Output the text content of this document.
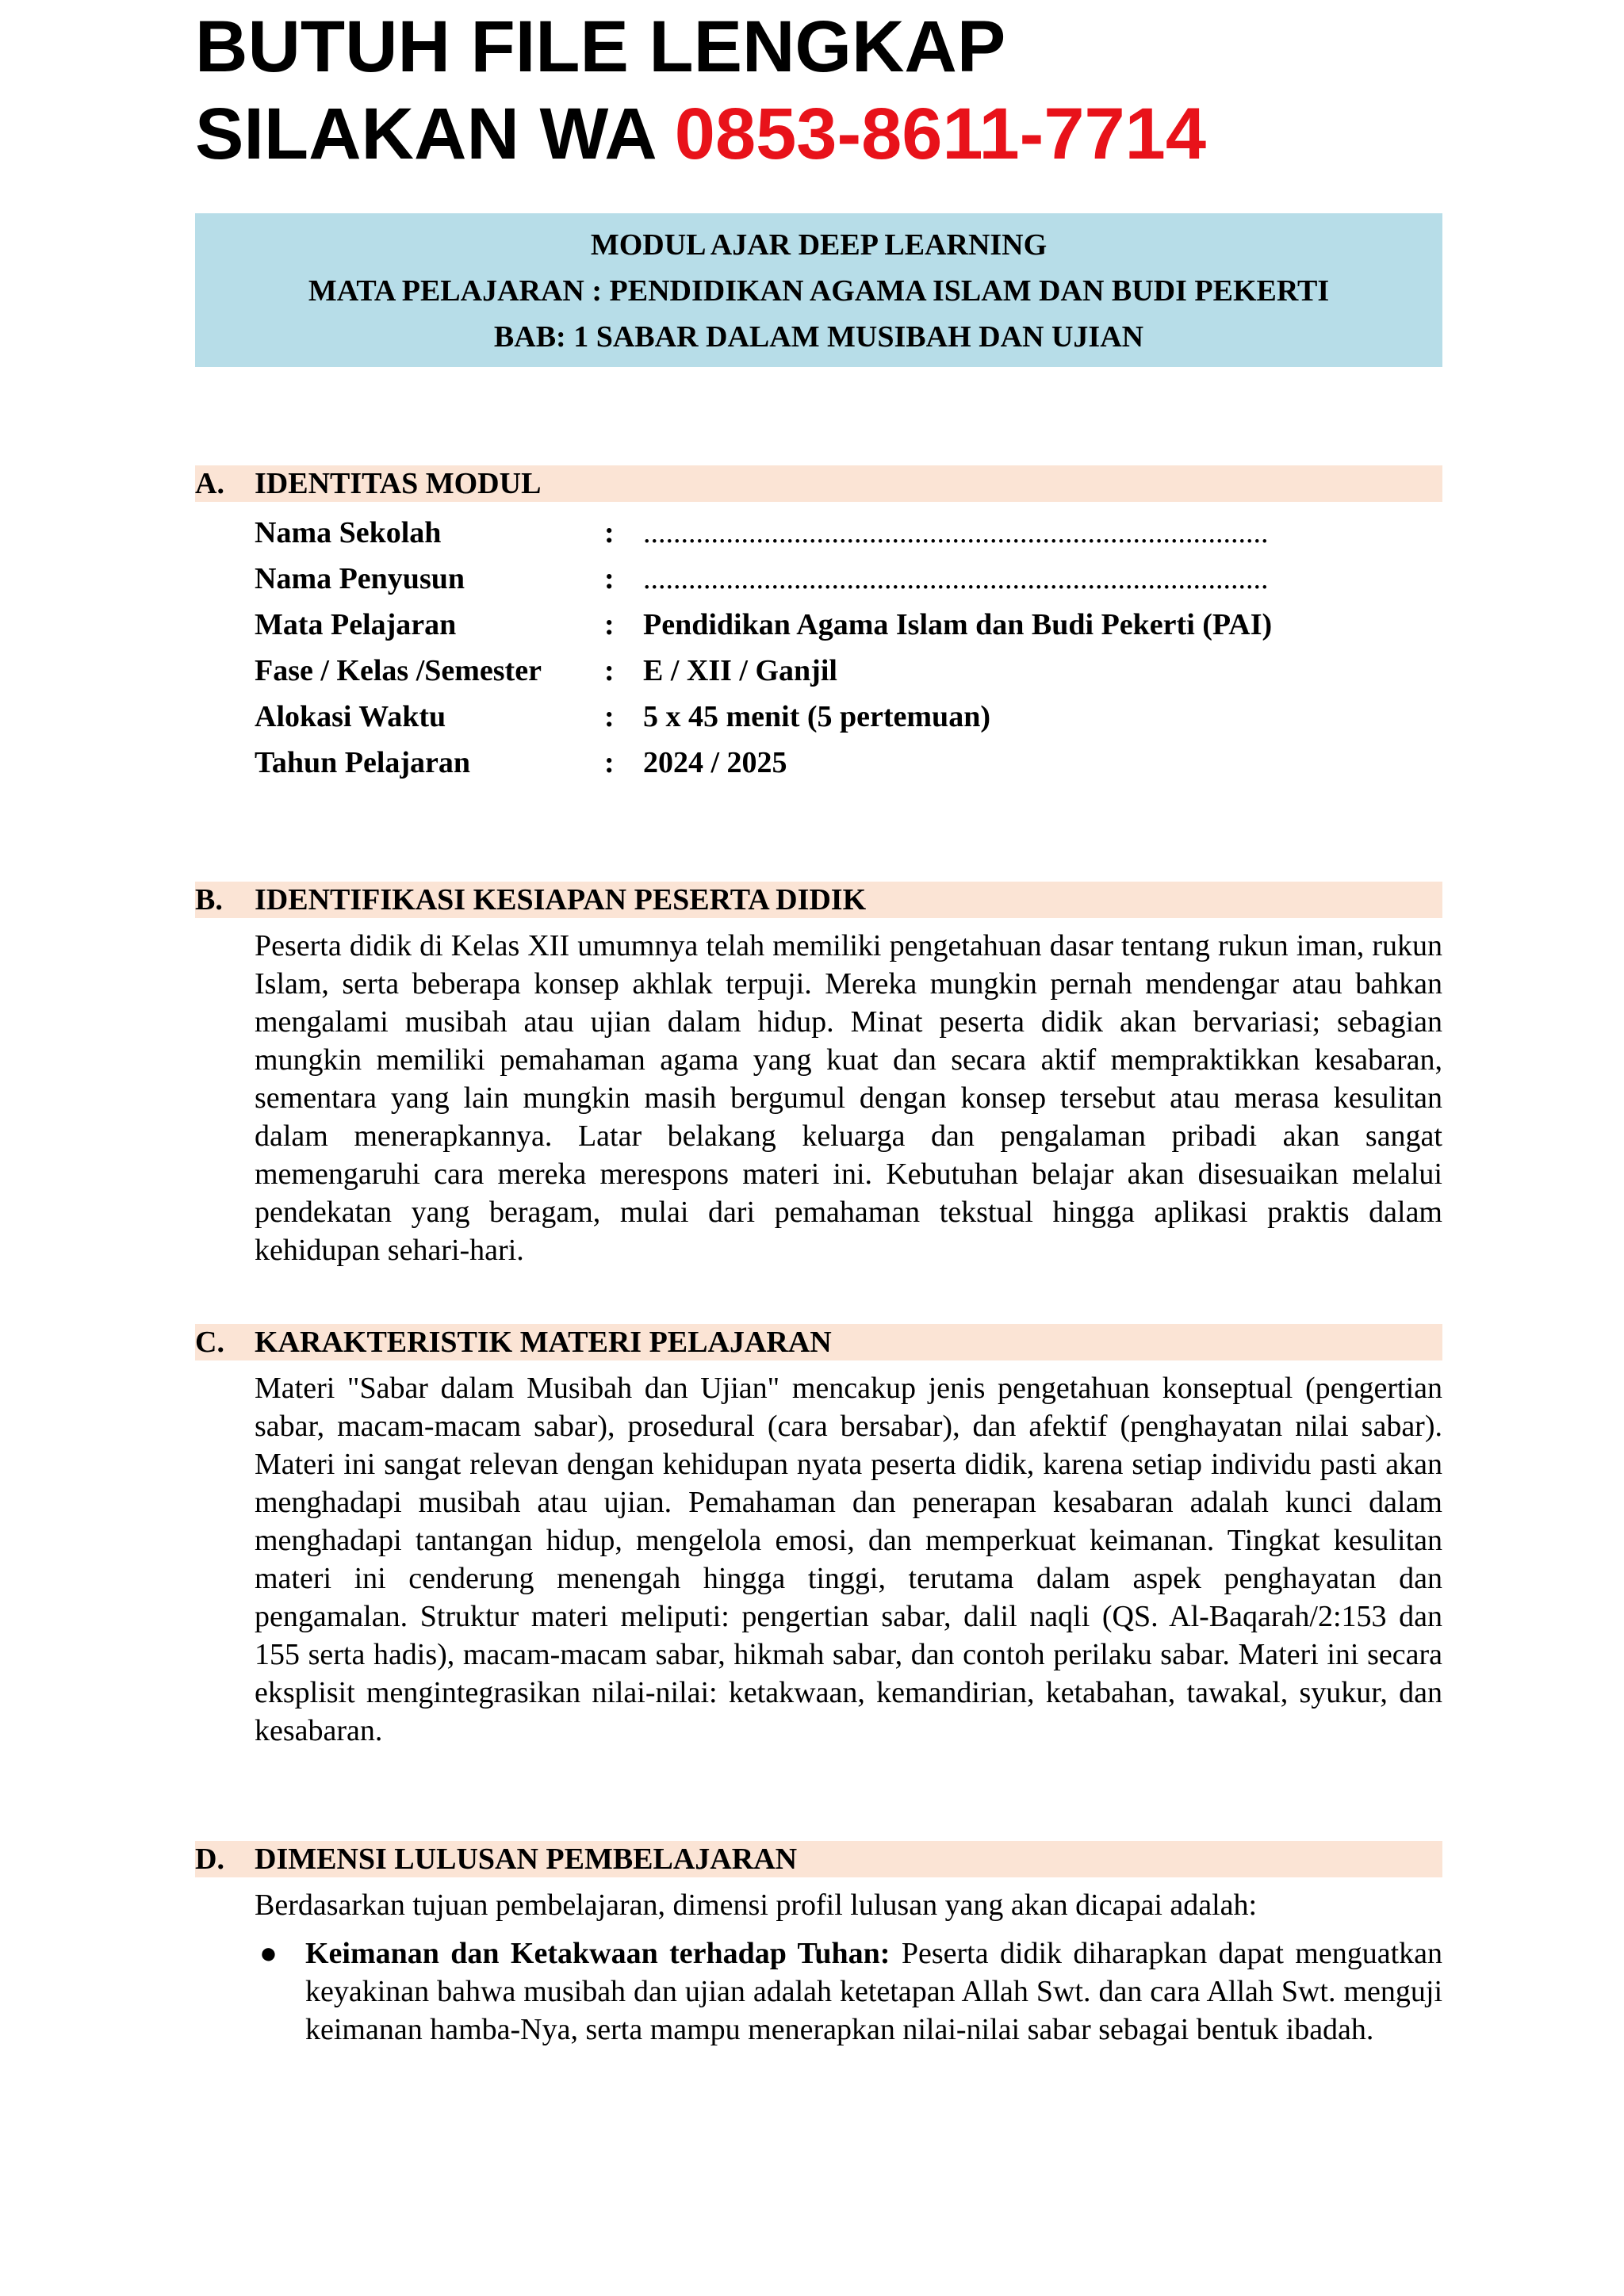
BUTUH FILE LENGKAP
SILAKAN WA 0853-8611-7714
MODUL AJAR DEEP LEARNING
MATA PELAJARAN : PENDIDIKAN AGAMA ISLAM DAN BUDI PEKERTI
BAB: 1 SABAR DALAM MUSIBAH DAN UJIAN
A. IDENTITAS MODUL
Nama Sekolah	: ...................................................................................
Nama Penyusun	: ...................................................................................
Mata Pelajaran	: Pendidikan Agama Islam dan Budi Pekerti (PAI)
Fase / Kelas /Semester : E / XII / Ganjil
Alokasi Waktu	: 5 x 45 menit (5 pertemuan)
Tahun Pelajaran	: 2024 / 2025
B. IDENTIFIKASI KESIAPAN PESERTA DIDIK
Peserta didik di Kelas XII umumnya telah memiliki pengetahuan dasar tentang rukun iman, rukun Islam, serta beberapa konsep akhlak terpuji. Mereka mungkin pernah mendengar atau bahkan mengalami musibah atau ujian dalam hidup. Minat peserta didik akan bervariasi; sebagian mungkin memiliki pemahaman agama yang kuat dan secara aktif mempraktikkan kesabaran, sementara yang lain mungkin masih bergumul dengan konsep tersebut atau merasa kesulitan dalam menerapkannya. Latar belakang keluarga dan pengalaman pribadi akan sangat memengaruhi cara mereka merespons materi ini. Kebutuhan belajar akan disesuaikan melalui pendekatan yang beragam, mulai dari pemahaman tekstual hingga aplikasi praktis dalam kehidupan sehari-hari.
C. KARAKTERISTIK MATERI PELAJARAN
Materi "Sabar dalam Musibah dan Ujian" mencakup jenis pengetahuan konseptual (pengertian sabar, macam-macam sabar), prosedural (cara bersabar), dan afektif (penghayatan nilai sabar). Materi ini sangat relevan dengan kehidupan nyata peserta didik, karena setiap individu pasti akan menghadapi musibah atau ujian. Pemahaman dan penerapan kesabaran adalah kunci dalam menghadapi tantangan hidup, mengelola emosi, dan memperkuat keimanan. Tingkat kesulitan materi ini cenderung menengah hingga tinggi, terutama dalam aspek penghayatan dan pengamalan. Struktur materi meliputi: pengertian sabar, dalil naqli (QS. Al-Baqarah/2:153 dan 155 serta hadis), macam-macam sabar, hikmah sabar, dan contoh perilaku sabar. Materi ini secara eksplisit mengintegrasikan nilai-nilai: ketakwaan, kemandirian, ketabahan, tawakal, syukur, dan kesabaran.
D. DIMENSI LULUSAN PEMBELAJARAN
Berdasarkan tujuan pembelajaran, dimensi profil lulusan yang akan dicapai adalah:
● Keimanan dan Ketakwaan terhadap Tuhan: Peserta didik diharapkan dapat menguatkan keyakinan bahwa musibah dan ujian adalah ketetapan Allah Swt. dan cara Allah Swt. menguji keimanan hamba-Nya, serta mampu menerapkan nilai-nilai sabar sebagai bentuk ibadah.
